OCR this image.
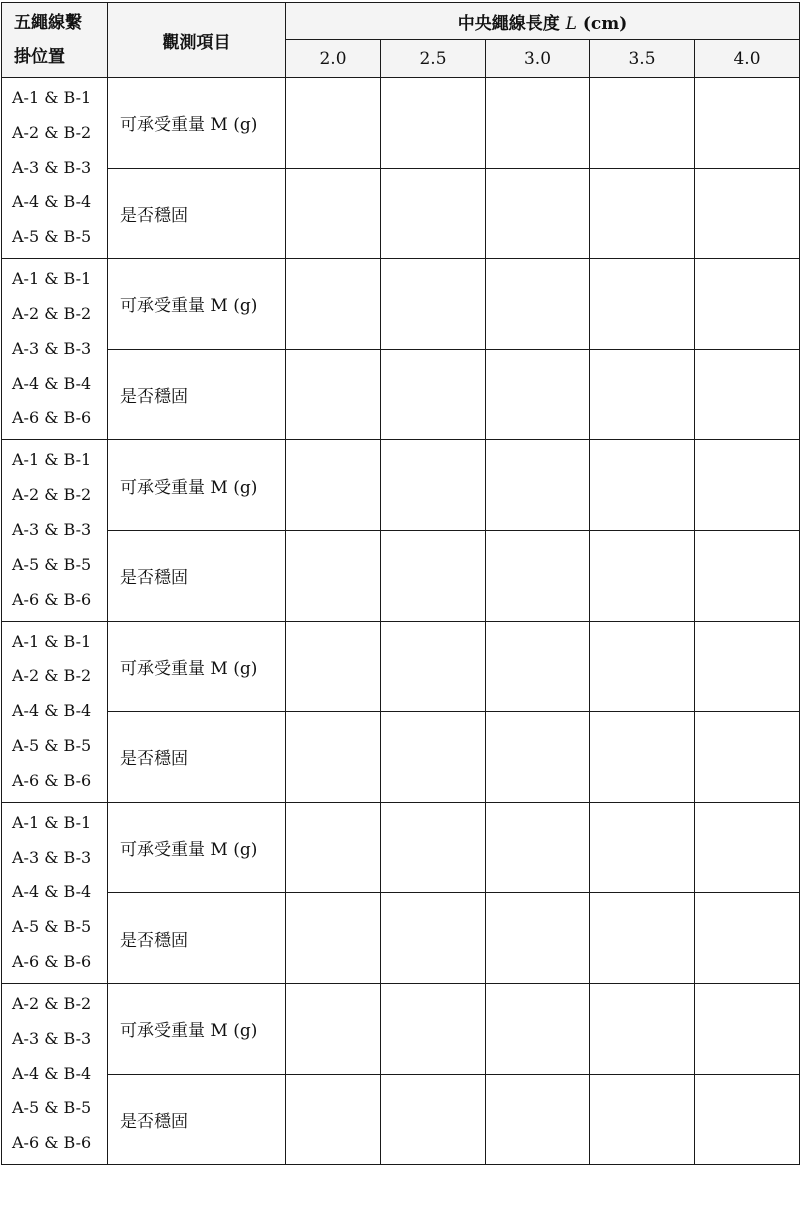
五繩線繫
掛位置	觀測項目	中央繩線長度 L (cm)				
		2.0	2.5	3.0	3.5	4.0

A-1 & B-1
A-2 & B-2
A-3 & B-3
A-4 & B-4
A-5 & B-5	可承受重量 M (g)					
	是否穩固					

A-1 & B-1
A-2 & B-2
A-3 & B-3
A-4 & B-4
A-6 & B-6	可承受重量 M (g)					
	是否穩固					

A-1 & B-1
A-2 & B-2
A-3 & B-3
A-5 & B-5
A-6 & B-6	可承受重量 M (g)					
	是否穩固					

A-1 & B-1
A-2 & B-2
A-4 & B-4
A-5 & B-5
A-6 & B-6	可承受重量 M (g)					
	是否穩固					

A-1 & B-1
A-3 & B-3
A-4 & B-4
A-5 & B-5
A-6 & B-6	可承受重量 M (g)					
	是否穩固					

A-2 & B-2
A-3 & B-3
A-4 & B-4
A-5 & B-5
A-6 & B-6	可承受重量 M (g)					
	是否穩固					
